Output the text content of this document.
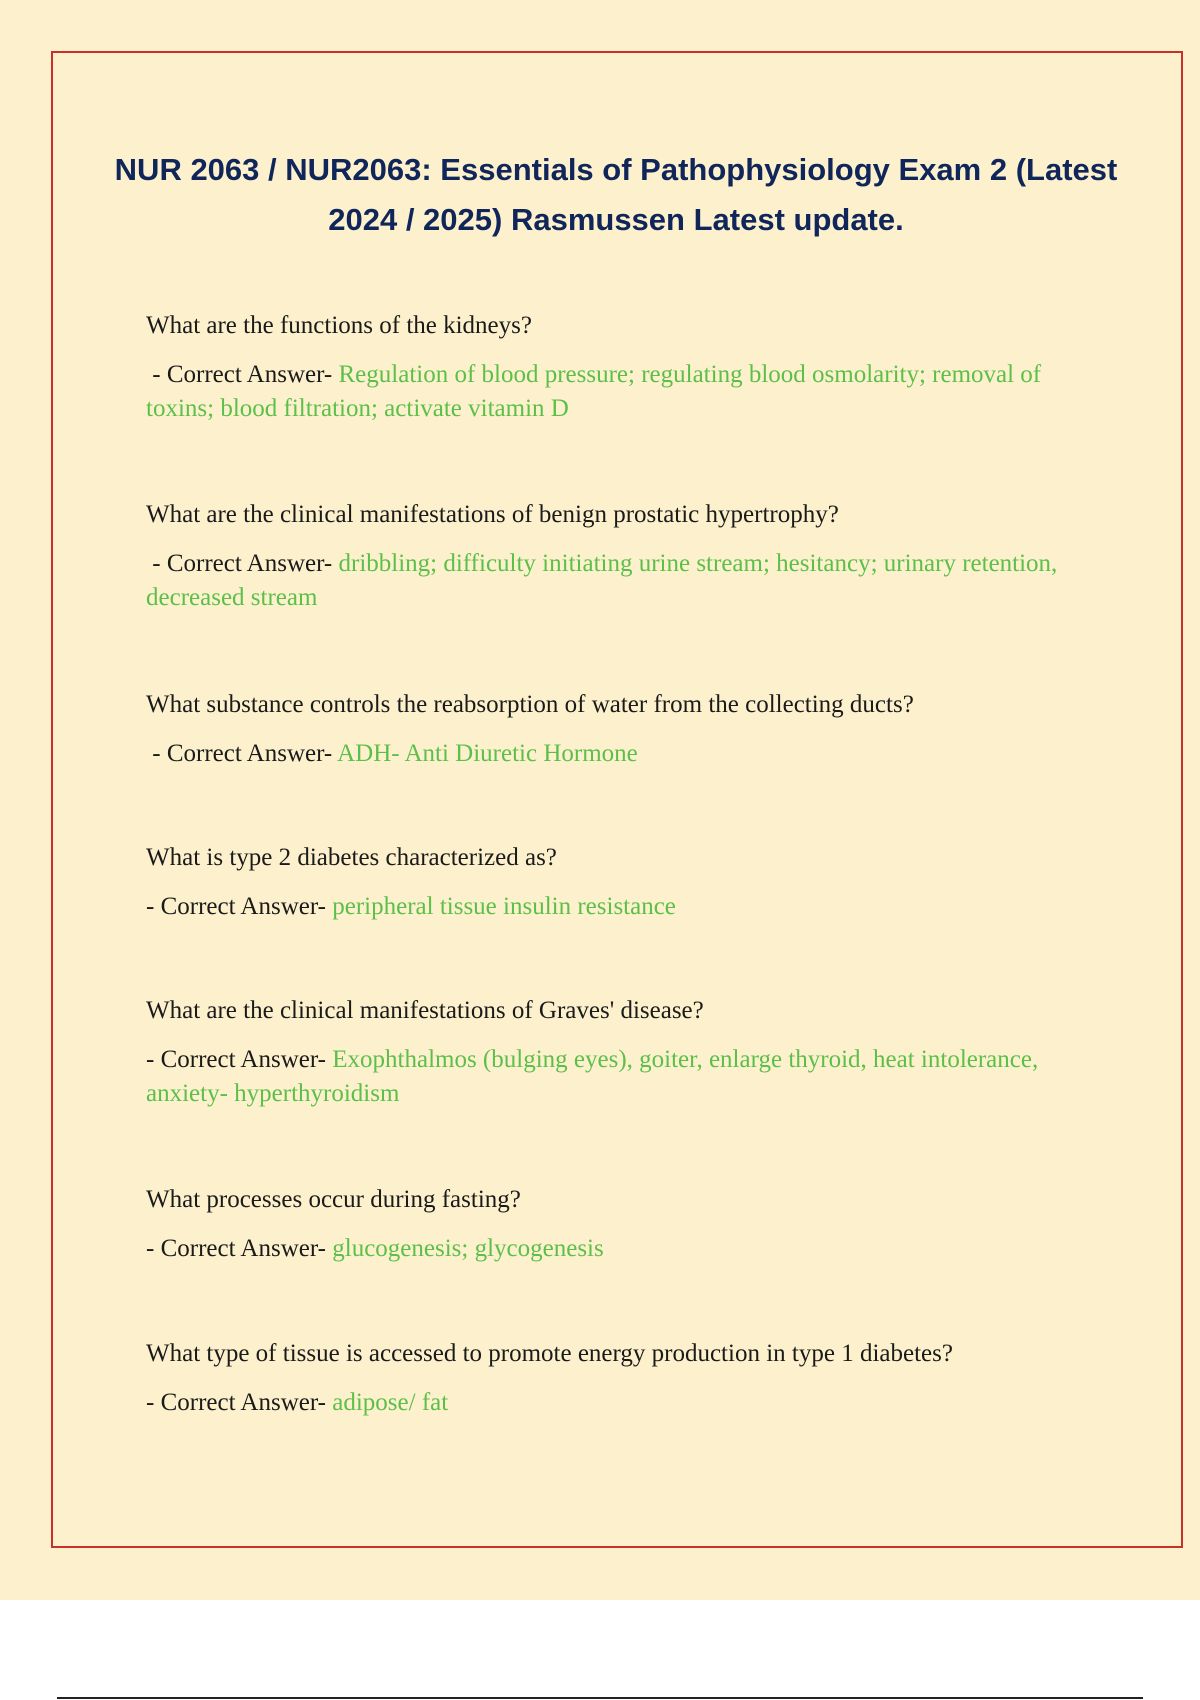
NUR 2063 / NUR2063: Essentials of Pathophysiology Exam 2 (Latest 2024 / 2025) Rasmussen Latest update.

What are the functions of the kidneys?

- Correct Answer- Regulation of blood pressure; regulating blood osmolarity; removal of toxins; blood filtration; activate vitamin D

What are the clinical manifestations of benign prostatic hypertrophy?

- Correct Answer- dribbling; difficulty initiating urine stream; hesitancy; urinary retention, decreased stream

What substance controls the reabsorption of water from the collecting ducts?

- Correct Answer- ADH- Anti Diuretic Hormone

What is type 2 diabetes characterized as?

- Correct Answer- peripheral tissue insulin resistance

What are the clinical manifestations of Graves' disease?

- Correct Answer- Exophthalmos (bulging eyes), goiter, enlarge thyroid, heat intolerance, anxiety- hyperthyroidism

What processes occur during fasting?

- Correct Answer- glucogenesis; glycogenesis

What type of tissue is accessed to promote energy production in type 1 diabetes?

- Correct Answer- adipose/ fat
